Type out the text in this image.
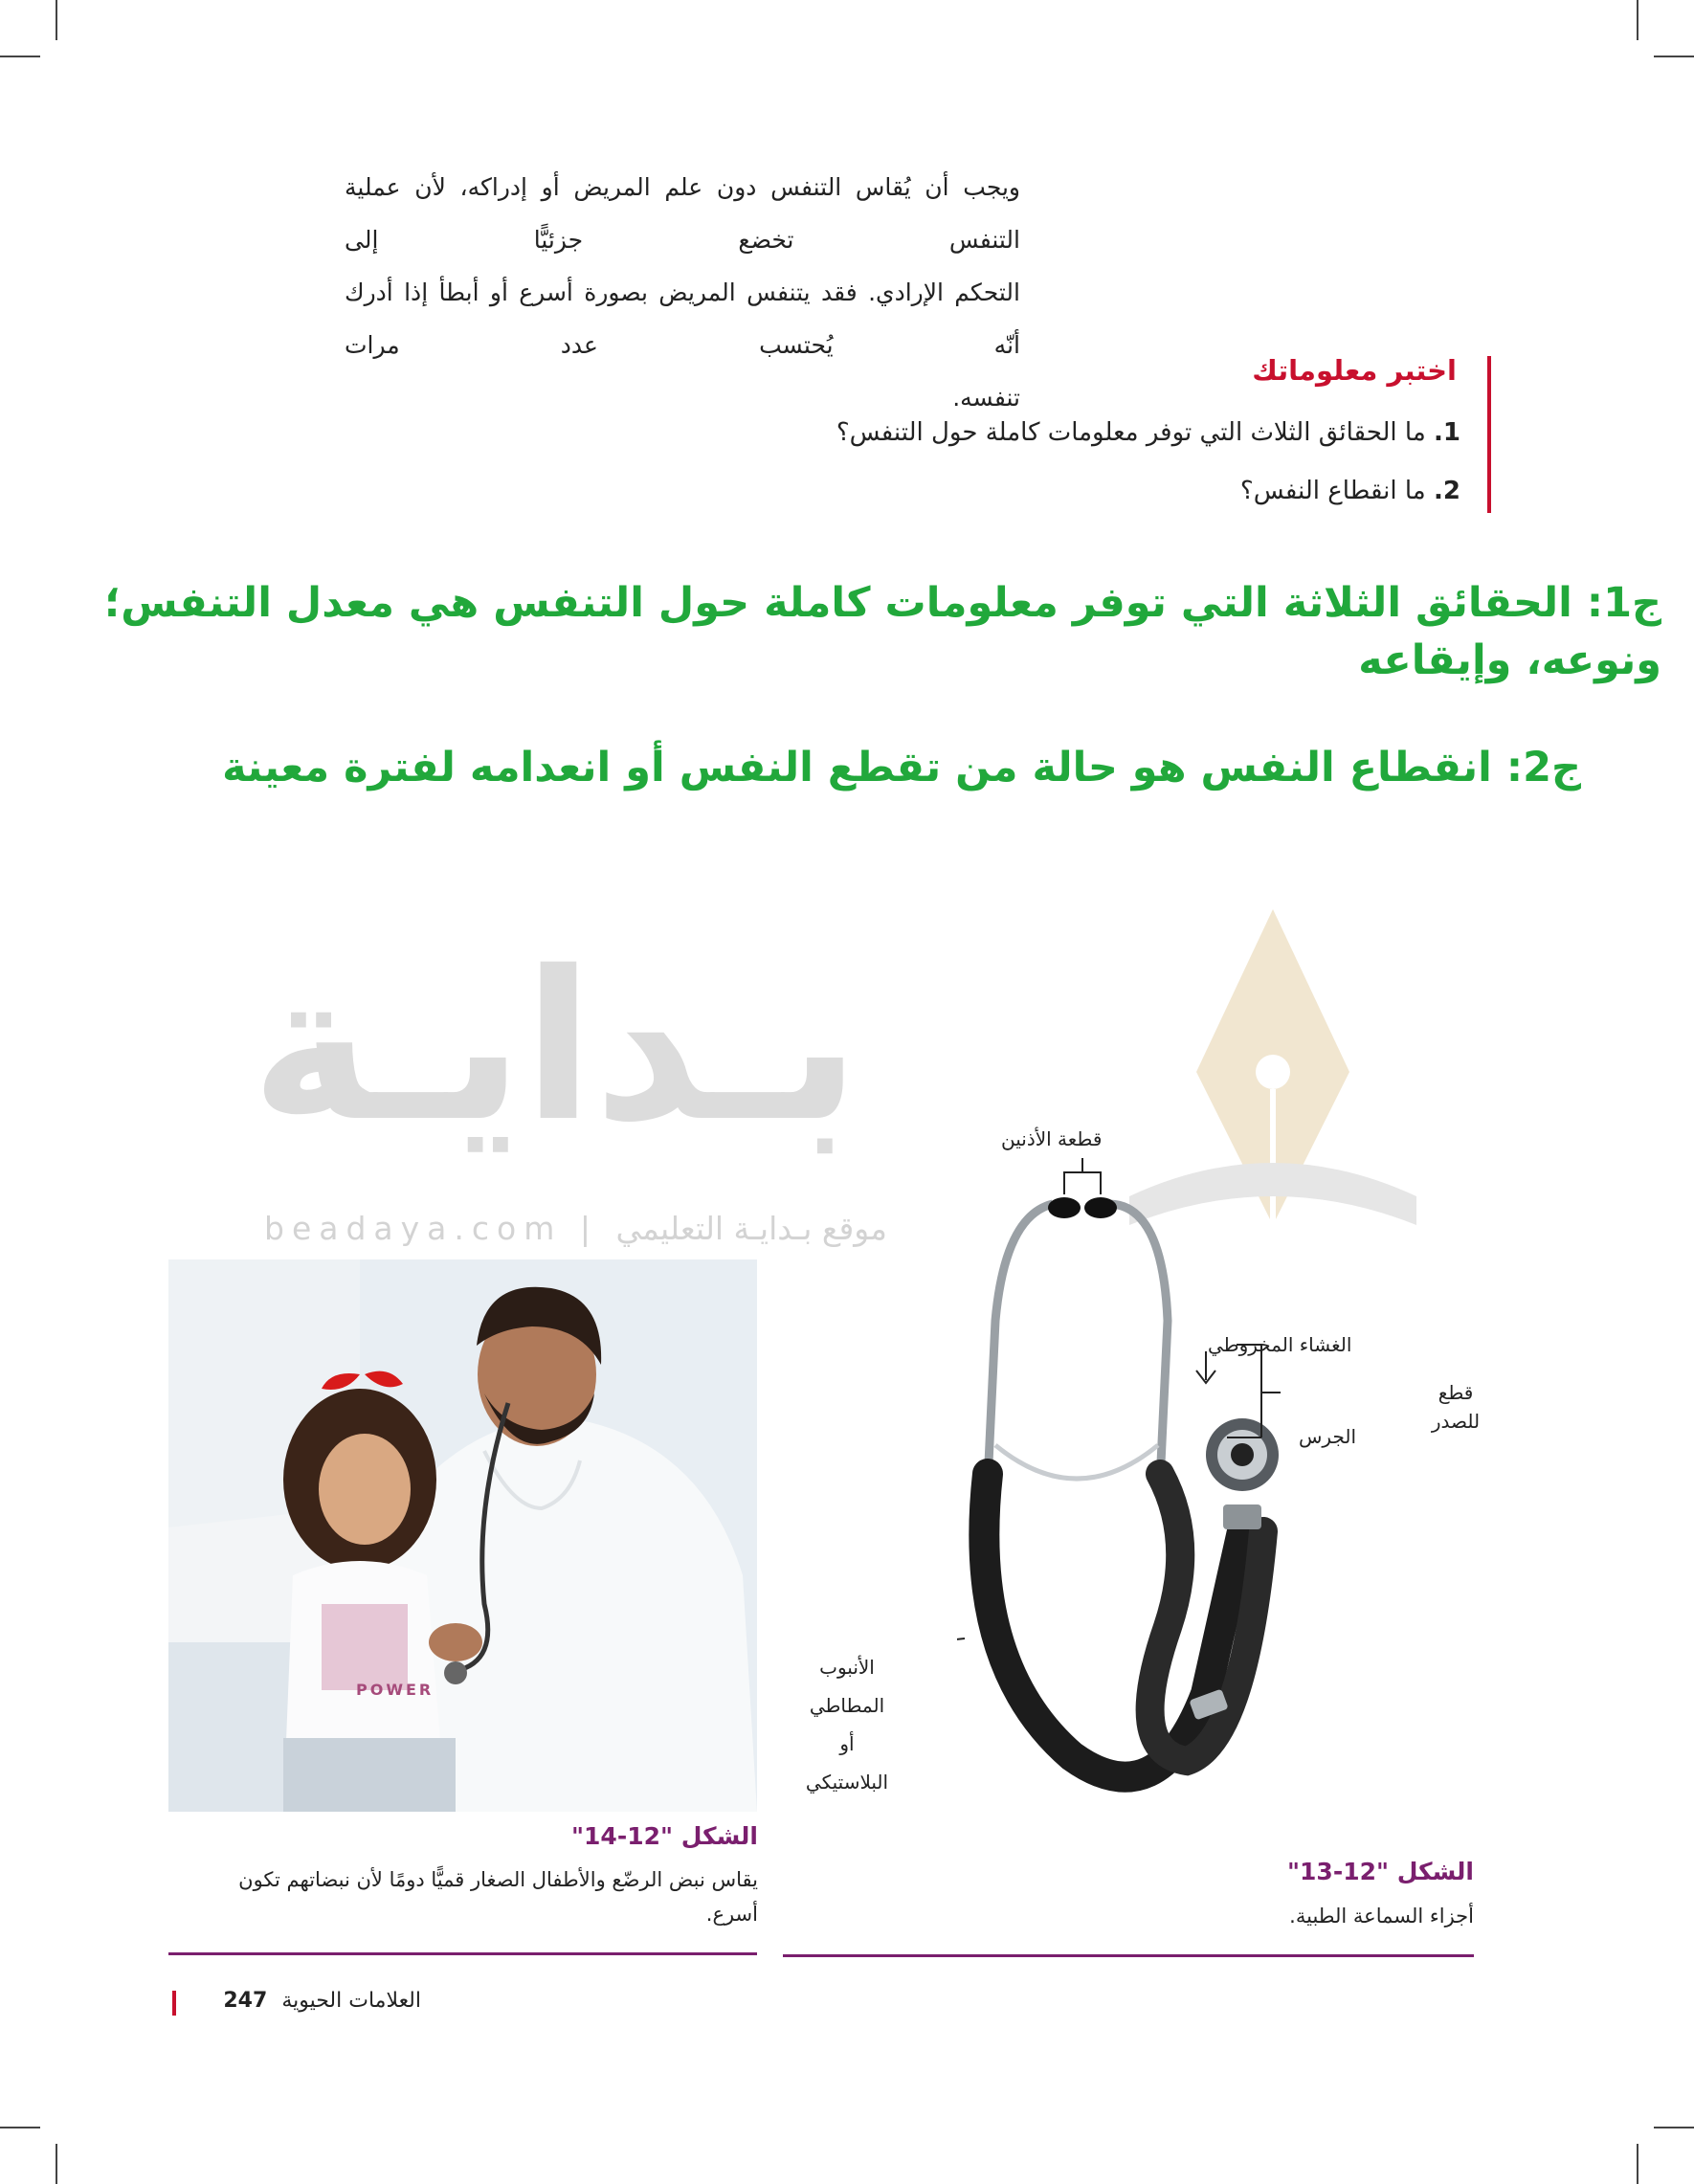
ويجب أن يُقاس التنفس دون علم المريض أو إدراكه، لأن عملية التنفس تخضع جزئيًّا إلى
التحكم الإرادي. فقد يتنفس المريض بصورة أسرع أو أبطأ إذا أدرك أنّه يُحتسب عدد مرات
تنفسه.
اختبر معلوماتك
1. ما الحقائق الثلاث التي توفر معلومات كاملة حول التنفس؟
2. ما انقطاع النفس؟
ج1: الحقائق الثلاثة التي توفر معلومات كاملة حول التنفس هي معدل التنفس؛
ونوعه، وإيقاعه
ج2: انقطاع النفس هو حالة من تقطع النفس أو انعدامه لفترة معينة
بـدايـة
beadaya.com | موقع بـدايـة التعليمي
قطعة الأذنين
الغشاء المخروطي
الجرس
قطع للصدر
الأنبوب
المطاطي
أو
البلاستيكي
الشكل "12-13"
أجزاء السماعة الطبية.
POWER
الشكل "12-14"
يقاس نبض الرضّع والأطفال الصغار قميًّا دومًا لأن نبضاتهم تكون
أسرع.
العلامات الحيوية 247
